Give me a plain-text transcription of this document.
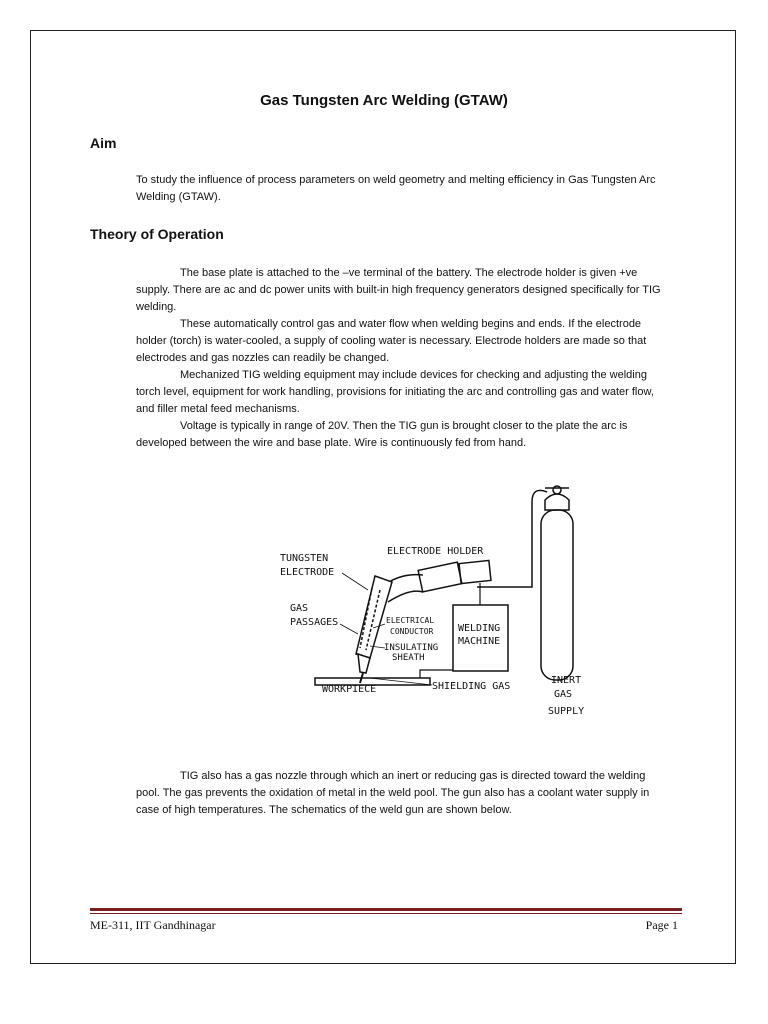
Gas Tungsten Arc Welding (GTAW)
Aim

To study the influence of process parameters on weld geometry and melting efficiency in Gas Tungsten Arc Welding (GTAW).

Theory of Operation

The base plate is attached to the –ve terminal of the battery. The electrode holder is given +ve supply. There are ac and dc power units with built-in high frequency generators designed specifically for TIG welding.

These automatically control gas and water flow when welding begins and ends. If the electrode holder (torch) is water-cooled, a supply of cooling water is necessary. Electrode holders are made so that electrodes and gas nozzles can readily be changed.

Mechanized TIG welding equipment may include devices for checking and adjusting the welding torch level, equipment for work handling, provisions for initiating the arc and controlling gas and water flow, and filler metal feed mechanisms.

Voltage is typically in range of 20V. Then the TIG gun is brought closer to the plate the arc is developed between the wire and base plate. Wire is continuously fed from hand.

TUNGSTEN
ELECTRODE
ELECTRODE HOLDER
GAS
PASSAGES	ELECTRICAL
CONDUCTOR
INSULATING
SHEATH
WELDING
MACHINE
WORKPIECE	SHIELDING GAS
INERT
GAS
SUPPLY

TIG also has a gas nozzle through which an inert or reducing gas is directed toward the welding pool. The gas prevents the oxidation of metal in the weld pool. The gun also has a coolant water supply in case of high temperatures. The schematics of the weld gun are shown below.

ME-311, IIT Gandhinagar	Page 1
